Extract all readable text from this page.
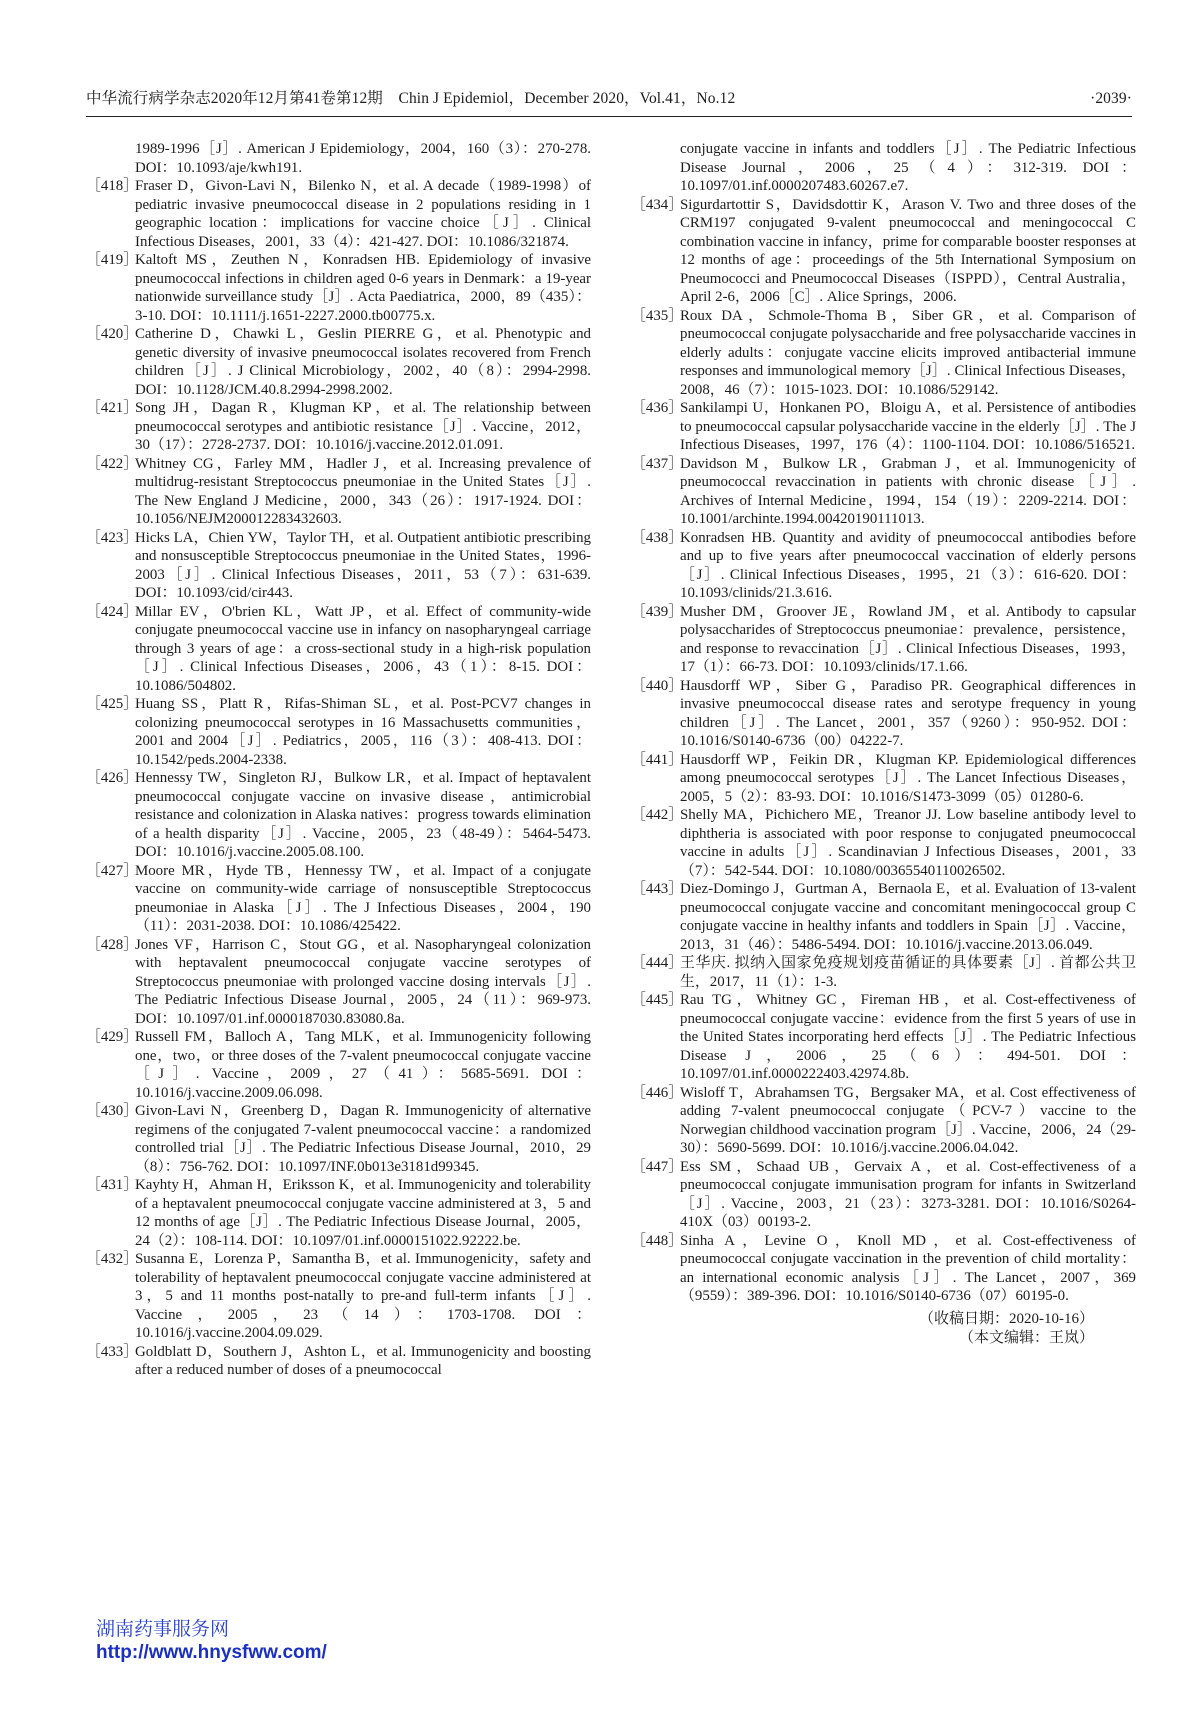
中华流行病学杂志2020年12月第41卷第12期　Chin J Epidemiol，December 2020，Vol.41，No.12	·2039·
1989-1996［J］. American J Epidemiology，2004，160（3）：270-278. DOI：10.1093/aje/kwh191.
［418］
Fraser D，Givon-Lavi N，Bilenko N，et al. A decade（1989-1998）of pediatric invasive pneumococcal disease in 2 populations residing in 1 geographic location：implications for vaccine choice［J］. Clinical Infectious Diseases，2001，33（4）：421-427. DOI：10.1086/321874.
［419］
Kaltoft MS，Zeuthen N，Konradsen HB. Epidemiology of invasive pneumococcal infections in children aged 0-6 years in Denmark：a 19-year nationwide surveillance study［J］. Acta Paediatrica，2000，89（435）：3-10. DOI：10.1111/j.1651-2227.2000.tb00775.x.
［420］
Catherine D，Chawki L，Geslin PIERRE G，et al. Phenotypic and genetic diversity of invasive pneumococcal isolates recovered from French children［J］. J Clinical Microbiology，2002，40（8）：2994-2998. DOI：10.1128/JCM.40.8.2994-2998.2002.
［421］
Song JH，Dagan R，Klugman KP，et al. The relationship between pneumococcal serotypes and antibiotic resistance［J］. Vaccine，2012，30（17）：2728-2737. DOI：10.1016/j.vaccine.2012.01.091.
［422］
Whitney CG，Farley MM，Hadler J，et al. Increasing prevalence of multidrug-resistant Streptococcus pneumoniae in the United States［J］. The New England J Medicine，2000，343（26）：1917-1924. DOI：10.1056/NEJM200012283432603.
［423］
Hicks LA，Chien YW，Taylor TH，et al. Outpatient antibiotic prescribing and nonsusceptible Streptococcus pneumoniae in the United States，1996-2003［J］. Clinical Infectious Diseases，2011，53（7）：631-639. DOI：10.1093/cid/cir443.
［424］
Millar EV，O'brien KL，Watt JP，et al. Effect of community-wide conjugate pneumococcal vaccine use in infancy on nasopharyngeal carriage through 3 years of age：a cross-sectional study in a high-risk population［J］. Clinical Infectious Diseases，2006，43（1）：8-15. DOI：10.1086/504802.
［425］
Huang SS，Platt R，Rifas-Shiman SL，et al. Post-PCV7 changes in colonizing pneumococcal serotypes in 16 Massachusetts communities，2001 and 2004［J］. Pediatrics，2005，116（3）：408-413. DOI：10.1542/peds.2004-2338.
［426］
Hennessy TW，Singleton RJ，Bulkow LR，et al. Impact of heptavalent pneumococcal conjugate vaccine on invasive disease，antimicrobial resistance and colonization in Alaska natives：progress towards elimination of a health disparity［J］. Vaccine，2005，23（48-49）：5464-5473. DOI：10.1016/j.vaccine.2005.08.100.
［427］
Moore MR，Hyde TB，Hennessy TW，et al. Impact of a conjugate vaccine on community-wide carriage of nonsusceptible Streptococcus pneumoniae in Alaska［J］. The J Infectious Diseases，2004，190（11）：2031-2038. DOI：10.1086/425422.
［428］
Jones VF，Harrison C，Stout GG，et al. Nasopharyngeal colonization with heptavalent pneumococcal conjugate vaccine serotypes of Streptococcus pneumoniae with prolonged vaccine dosing intervals［J］. The Pediatric Infectious Disease Journal，2005，24（11）：969-973. DOI：10.1097/01.inf.0000187030.83080.8a.
［429］
Russell FM，Balloch A，Tang MLK，et al. Immunogenicity following one，two，or three doses of the 7-valent pneumococcal conjugate vaccine［J］. Vaccine，2009，27（41）：5685-5691. DOI：10.1016/j.vaccine.2009.06.098.
［430］
Givon-Lavi N，Greenberg D，Dagan R. Immunogenicity of alternative regimens of the conjugated 7-valent pneumococcal vaccine：a randomized controlled trial［J］. The Pediatric Infectious Disease Journal，2010，29（8）：756-762. DOI：10.1097/INF.0b013e3181d99345.
［431］
Kayhty H，Ahman H，Eriksson K，et al. Immunogenicity and tolerability of a heptavalent pneumococcal conjugate vaccine administered at 3，5 and 12 months of age［J］. The Pediatric Infectious Disease Journal，2005，24（2）：108-114. DOI：10.1097/01.inf.0000151022.92222.be.
［432］
Susanna E，Lorenza P，Samantha B，et al. Immunogenicity，safety and tolerability of heptavalent pneumococcal conjugate vaccine administered at 3，5 and 11 months post-natally to pre-and full-term infants［J］. Vaccine，2005，23（14）：1703-1708. DOI：10.1016/j.vaccine.2004.09.029.
［433］
Goldblatt D，Southern J，Ashton L，et al. Immunogenicity and boosting after a reduced number of doses of a pneumococcal
conjugate vaccine in infants and toddlers［J］. The Pediatric Infectious Disease Journal，2006，25（4）：312-319. DOI：10.1097/01.inf.0000207483.60267.e7.
［434］
Sigurdartottir S，Davidsdottir K，Arason V. Two and three doses of the CRM197 conjugated 9-valent pneumococcal and meningococcal C combination vaccine in infancy，prime for comparable booster responses at 12 months of age：proceedings of the 5th International Symposium on Pneumococci and Pneumococcal Diseases（ISPPD），Central Australia，April 2-6，2006［C］. Alice Springs，2006.
［435］
Roux DA，Schmole-Thoma B，Siber GR，et al. Comparison of pneumococcal conjugate polysaccharide and free polysaccharide vaccines in elderly adults：conjugate vaccine elicits improved antibacterial immune responses and immunological memory［J］. Clinical Infectious Diseases，2008，46（7）：1015-1023. DOI：10.1086/529142.
［436］
Sankilampi U，Honkanen PO，Bloigu A，et al. Persistence of antibodies to pneumococcal capsular polysaccharide vaccine in the elderly［J］. The J Infectious Diseases，1997，176（4）：1100-1104. DOI：10.1086/516521.
［437］
Davidson M，Bulkow LR，Grabman J，et al. Immunogenicity of pneumococcal revaccination in patients with chronic disease［J］. Archives of Internal Medicine，1994，154（19）：2209-2214. DOI：10.1001/archinte.1994.00420190111013.
［438］
Konradsen HB. Quantity and avidity of pneumococcal antibodies before and up to five years after pneumococcal vaccination of elderly persons［J］. Clinical Infectious Diseases，1995，21（3）：616-620. DOI：10.1093/clinids/21.3.616.
［439］
Musher DM，Groover JE，Rowland JM，et al. Antibody to capsular polysaccharides of Streptococcus pneumoniae：prevalence，persistence，and response to revaccination［J］. Clinical Infectious Diseases，1993，17（1）：66-73. DOI：10.1093/clinids/17.1.66.
［440］
Hausdorff WP，Siber G，Paradiso PR. Geographical differences in invasive pneumococcal disease rates and serotype frequency in young children［J］. The Lancet，2001，357（9260）：950-952. DOI：10.1016/S0140-6736（00）04222-7.
［441］
Hausdorff WP，Feikin DR，Klugman KP. Epidemiological differences among pneumococcal serotypes［J］. The Lancet Infectious Diseases，2005，5（2）：83-93. DOI：10.1016/S1473-3099（05）01280-6.
［442］
Shelly MA，Pichichero ME，Treanor JJ. Low baseline antibody level to diphtheria is associated with poor response to conjugated pneumococcal vaccine in adults［J］. Scandinavian J Infectious Diseases，2001，33（7）：542-544. DOI：10.1080/00365540110026502.
［443］
Diez-Domingo J，Gurtman A，Bernaola E，et al. Evaluation of 13-valent pneumococcal conjugate vaccine and concomitant meningococcal group C conjugate vaccine in healthy infants and toddlers in Spain［J］. Vaccine，2013，31（46）：5486-5494. DOI：10.1016/j.vaccine.2013.06.049.
［444］
王华庆. 拟纳入国家免疫规划疫苗循证的具体要素［J］. 首都公共卫生，2017，11（1）：1-3.
［445］
Rau TG，Whitney GC，Fireman HB，et al. Cost-effectiveness of pneumococcal conjugate vaccine：evidence from the first 5 years of use in the United States incorporating herd effects［J］. The Pediatric Infectious Disease J，2006，25（6）：494-501. DOI：10.1097/01.inf.0000222403.42974.8b.
［446］
Wisloff T，Abrahamsen TG，Bergsaker MA，et al. Cost effectiveness of adding 7-valent pneumococcal conjugate（PCV-7）vaccine to the Norwegian childhood vaccination program［J］. Vaccine，2006，24（29-30）：5690-5699. DOI：10.1016/j.vaccine.2006.04.042.
［447］
Ess SM，Schaad UB，Gervaix A，et al. Cost-effectiveness of a pneumococcal conjugate immunisation program for infants in Switzerland［J］. Vaccine，2003，21（23）：3273-3281. DOI：10.1016/S0264-410X（03）00193-2.
［448］
Sinha A，Levine O，Knoll MD，et al. Cost-effectiveness of pneumococcal conjugate vaccination in the prevention of child mortality：an international economic analysis［J］. The Lancet，2007，369（9559）：389-396. DOI：10.1016/S0140-6736（07）60195-0.
（收稿日期：2020-10-16）
（本文编辑：王岚）
湖南药事服务网
http://www.hnysfww.com/
